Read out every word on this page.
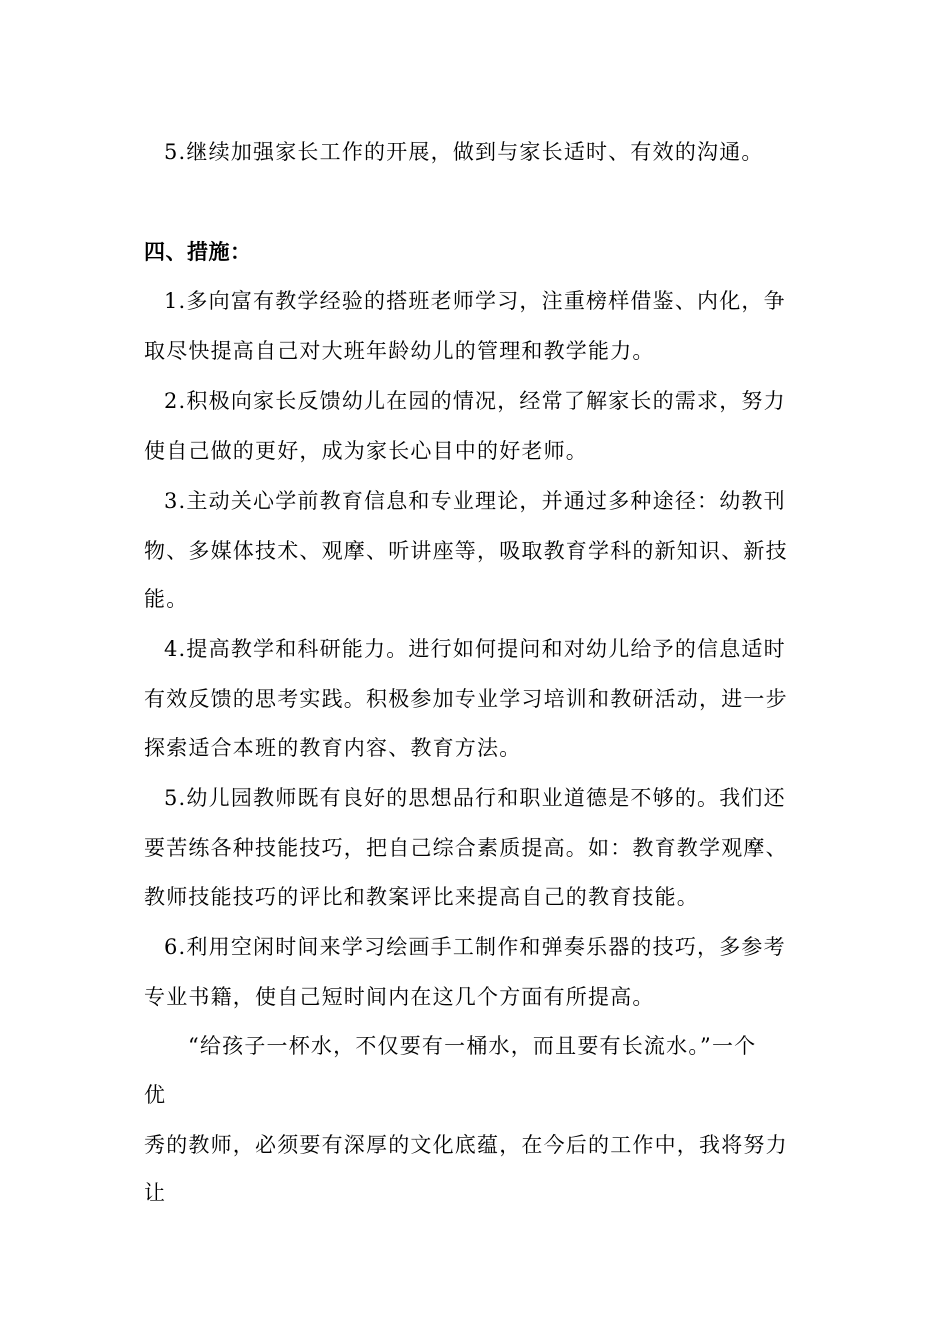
5.继续加强家长工作的开展，做到与家长适时、有效的沟通。
四、措施：
1.多向富有教学经验的搭班老师学习，注重榜样借鉴、内化，争
取尽快提高自己对大班年龄幼儿的管理和教学能力。
2.积极向家长反馈幼儿在园的情况，经常了解家长的需求，努力
使自己做的更好，成为家长心目中的好老师。
3.主动关心学前教育信息和专业理论，并通过多种途径：幼教刊
物、多媒体技术、观摩、听讲座等，吸取教育学科的新知识、新技
能。
4.提高教学和科研能力。进行如何提问和对幼儿给予的信息适时
有效反馈的思考实践。积极参加专业学习培训和教研活动，进一步
探索适合本班的教育内容、教育方法。
5.幼儿园教师既有良好的思想品行和职业道德是不够的。我们还
要苦练各种技能技巧，把自己综合素质提高。如：教育教学观摩、
教师技能技巧的评比和教案评比来提高自己的教育技能。
6.利用空闲时间来学习绘画手工制作和弹奏乐器的技巧，多参考
专业书籍，使自己短时间内在这几个方面有所提高。
“给孩子一杯水，不仅要有一桶水，而且要有长流水。”一个
优
秀的教师，必须要有深厚的文化底蕴，在今后的工作中，我将努力
让
